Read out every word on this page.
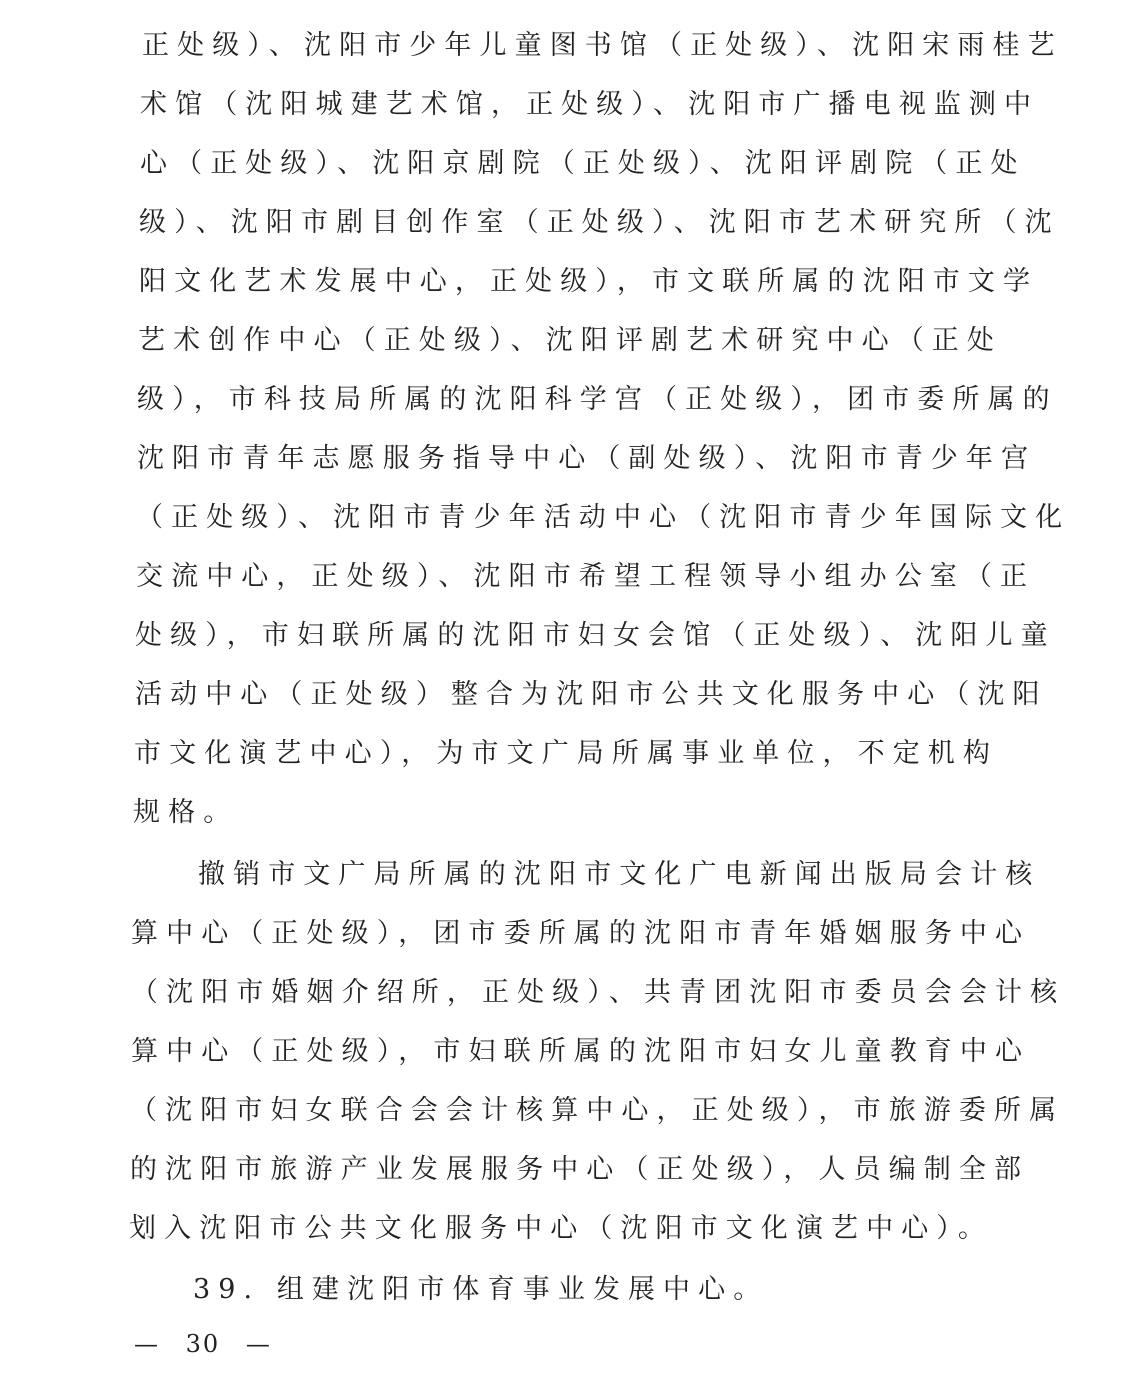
正处级）、沈阳市少年儿童图书馆（正处级）、沈阳宋雨桂艺

术馆（沈阳城建艺术馆，正处级）、沈阳市广播电视监测中

心（正处级）、沈阳京剧院（正处级）、沈阳评剧院（正处

级）、沈阳市剧目创作室（正处级）、沈阳市艺术研究所（沈

阳文化艺术发展中心，正处级），市文联所属的沈阳市文学

艺术创作中心（正处级）、沈阳评剧艺术研究中心（正处

级），市科技局所属的沈阳科学宫（正处级），团市委所属的

沈阳市青年志愿服务指导中心（副处级）、沈阳市青少年宫

（正处级）、沈阳市青少年活动中心（沈阳市青少年国际文化

交流中心，正处级）、沈阳市希望工程领导小组办公室（正

处级），市妇联所属的沈阳市妇女会馆（正处级）、沈阳儿童

活动中心（正处级）整合为沈阳市公共文化服务中心（沈阳

市文化演艺中心），为市文广局所属事业单位，不定机构

规格。

撤销市文广局所属的沈阳市文化广电新闻出版局会计核

算中心（正处级），团市委所属的沈阳市青年婚姻服务中心

（沈阳市婚姻介绍所，正处级）、共青团沈阳市委员会会计核

算中心（正处级），市妇联所属的沈阳市妇女儿童教育中心

（沈阳市妇女联合会会计核算中心，正处级），市旅游委所属

的沈阳市旅游产业发展服务中心（正处级），人员编制全部

划入沈阳市公共文化服务中心（沈阳市文化演艺中心）。

39. 组建沈阳市体育事业发展中心。

— 30 —
